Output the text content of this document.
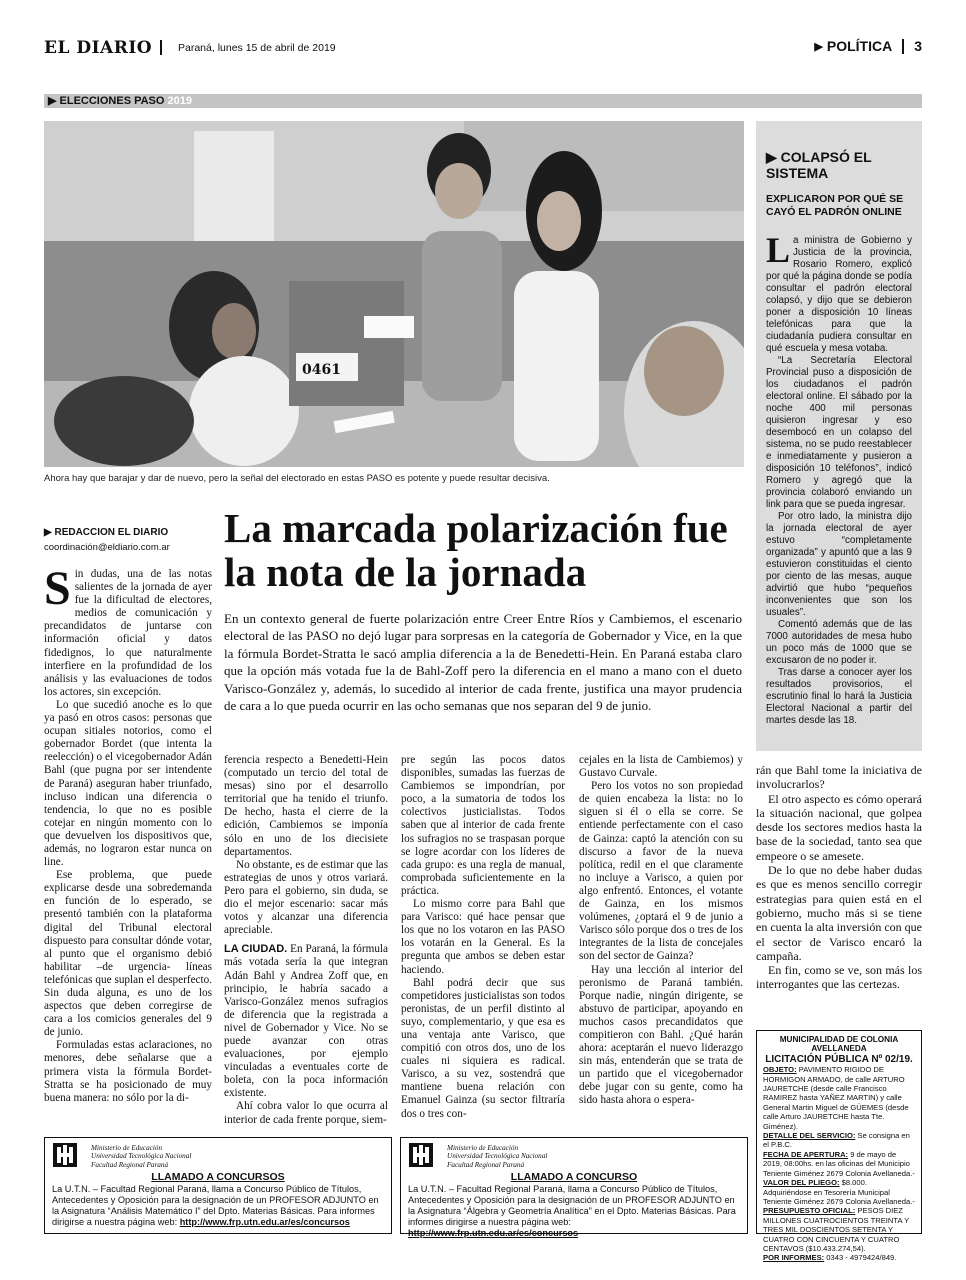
EL DIARIO Paraná, lunes 15 de abril de 2019	▶ POLÍTICA 3
▶ ELECCIONES PASO 2019
0461
Ahora hay que barajar y dar de nuevo, pero la señal del electorado en estas PASO es potente y puede resultar decisiva.
▶ COLAPSÓ EL SISTEMA
EXPLICARON POR QUÉ SE CAYÓ EL PADRÓN ONLINE

La ministra de Gobierno y Justicia de la provincia, Rosario Romero, explicó por qué la página donde se podía consultar el padrón electoral colapsó, y dijo que se debieron poner a disposición 10 líneas telefónicas para que la ciudadanía pudiera consultar en qué escuela y mesa votaba.

“La Secretaría Electoral Provincial puso a disposición de los ciudadanos el padrón electoral online. El sábado por la noche 400 mil personas quisieron ingresar y eso desembocó en un colapso del sistema, no se pudo reestablecer e inmediatamente y pusieron a disposición 10 teléfonos”, indicó Romero y agregó que la provincia colaboró enviando un link para que se pueda ingresar.

Por otro lado, la ministra dijo la jornada electoral de ayer estuvo “completamente organizada” y apuntó que a las 9 estuvieron constituidas el ciento por ciento de las mesas, auque advirtió que hubo “pequeños inconvenientes que son los usuales”.

Comentó además que de las 7000 autoridades de mesa hubo un poco más de 1000 que se excusaron de no poder ir.

Tras darse a conocer ayer los resultados provisorios, el escrutinio final lo hará la Justicia Electoral Nacional a partir del martes desde las 18.

▶ REDACCION EL DIARIO
coordinación@eldiario.com.ar	La marcada polarización fue la nota de la jornada
En un contexto general de fuerte polarización entre Creer Entre Ríos y Cambiemos, el escenario electoral de las PASO no dejó lugar para sorpresas en la categoría de Gobernador y Vice, en la que la fórmula Bordet-Stratta le sacó amplia diferencia a la de Benedetti-Hein. En Paraná estaba claro que la opción más votada fue la de Bahl-Zoff pero la diferencia en el mano a mano con el dueto Varisco-González y, además, lo sucedido al interior de cada frente, justifica una mayor prudencia de cara a lo que pueda ocurrir en las ocho semanas que nos separan del 9 de junio.

Sin dudas, una de las notas salientes de la jornada de ayer fue la dificultad de electores, medios de comunicación y precandidatos de juntarse con información oficial y datos fidedignos, lo que naturalmente interfiere en la profundidad de los análisis y las evaluaciones de todos los actores, sin excepción.

Lo que sucedió anoche es lo que ya pasó en otros casos: personas que ocupan sitiales notorios, como el gobernador Bordet (que intenta la reelección) o el vicegobernador Adán Bahl (que pugna por ser intendente de Paraná) aseguran haber triunfado, incluso indican una diferencia o tendencia, lo que no es posible cotejar en ningún momento con lo que devuelven los dispositivos que, además, no lograron estar nunca on line.

Ese problema, que puede explicarse desde una sobredemanda en función de lo esperado, se presentó también con la plataforma digital del Tribunal electoral dispuesto para consultar dónde votar, al punto que el organismo debió habilitar –de urgencia- líneas telefónicas que suplan el desperfecto. Sin duda alguna, es uno de los aspectos que deben corregirse de cara a los comicios generales del 9 de junio.

Formuladas estas aclaraciones, no menores, debe señalarse que a primera vista la fórmula Bordet-Stratta se ha posicionado de muy buena manera: no sólo por la di-

ferencia respecto a Benedetti-Hein (computado un tercio del total de mesas) sino por el desarrollo territorial que ha tenido el triunfo. De hecho, hasta el cierre de la edición, Cambiemos se imponía sólo en uno de los diecisiete departamentos.

No obstante, es de estimar que las estrategias de unos y otros variará. Pero para el gobierno, sin duda, se dio el mejor escenario: sacar más votos y alcanzar una diferencia apreciable.

LA CIUDAD. En Paraná, la fórmula más votada sería la que integran Adán Bahl y Andrea Zoff que, en principio, le habría sacado a Varisco-González menos sufragios de diferencia que la registrada a nivel de Gobernador y Vice. No se puede avanzar con otras evaluaciones, por ejemplo vinculadas a eventuales corte de boleta, con la poca información existente.

Ahí cobra valor lo que ocurra al interior de cada frente porque, siem-

pre según las pocos datos disponibles, sumadas las fuerzas de Cambiemos se impondrían, por poco, a la sumatoria de todos los colectivos justicialistas. Todos saben que al interior de cada frente los sufragios no se traspasan porque se logre acordar con los líderes de cada grupo: es una regla de manual, comprobada suficientemente en la práctica.

Lo mismo corre para Bahl que para Varisco: qué hace pensar que los que no los votaron en las PASO los votarán en la General. Es la pregunta que ambos se deben estar haciendo.

Bahl podrá decir que sus competidores justicialistas son todos peronistas, de un perfil distinto al suyo, complementario, y que esa es una ventaja ante Varisco, que compitió con otros dos, uno de los cuales ni siquiera es radical. Varisco, a su vez, sostendrá que mantiene buena relación con Emanuel Gainza (su sector filtraría dos o tres con-

cejales en la lista de Cambiemos) y Gustavo Curvale.

Pero los votos no son propiedad de quien encabeza la lista: no lo siguen si él o ella se corre. Se entiende perfectamente con el caso de Gainza: captó la atención con su discurso a favor de la nueva política, redil en el que claramente no incluye a Varisco, a quien por algo enfrentó. Entonces, el votante de Gainza, en los mismos volúmenes, ¿optará el 9 de junio a Varisco sólo porque dos o tres de los integrantes de la lista de concejales son del sector de Gainza?

Hay una lección al interior del peronismo de Paraná también. Porque nadie, ningún dirigente, se abstuvo de participar, apoyando en muchos casos precandidatos que compitieron con Bahl. ¿Qué harán ahora: aceptarán el nuevo liderazgo sin más, entenderán que se trata de un partido que el vicegobernador debe jugar con su gente, como ha sido hasta ahora o espera-

rán que Bahl tome la iniciativa de involucrarlos?

El otro aspecto es cómo operará la situación nacional, que golpea desde los sectores medios hasta la base de la sociedad, tanto sea que empeore o se amesete.

De lo que no debe haber dudas es que es menos sencillo corregir estrategias para quien está en el gobierno, mucho más si se tiene en cuenta la alta inversión con que el sector de Varisco encaró la campaña.

En fin, como se ve, son más los interrogantes que las certezas.

MUNICIPALIDAD DE COLONIA AVELLANEDA
LICITACIÓN PÚBLICA Nº 02/19.
OBJETO: PAVIMENTO RIGIDO DE HORMIGON ARMADO, de calle ARTURO JAURETCHE (desde calle Francisco RAMIREZ hasta YAÑEZ MARTIN) y calle General Martin Miguel de GÜEMES (desde calle Arturo JAURETCHE hasta Tte. Giménez).
DETALLE DEL SERVICIO: Se consigna en el P.B.C.
FECHA DE APERTURA: 9 de mayo de 2019, 08:00hs. en las oficinas del Municipio Teniente Giménez 2679 Colonia Avellaneda.-
VALOR DEL PLIEGO: $8.000. Adquiriéndose en Tesorería Municipal Teniente Giménez 2679 Colonia Avellaneda.-
PRESUPUESTO OFICIAL: PESOS DIEZ MILLONES CUATROCIENTOS TREINTA Y TRES MIL DOSCIENTOS SETENTA Y CUATRO CON CINCUENTA Y CUATRO CENTAVOS ($10.433.274,54).
POR INFORMES: 0343 - 4979424/849.
Ministerio de Educación
Universidad Tecnológica Nacional
Facultad Regional Paraná
LLAMADO A CONCURSOS
La U.T.N. – Facultad Regional Paraná, llama a Concurso Público de Títulos, Antecedentes y Oposición para la designación de un PROFESOR ADJUNTO en la Asignatura “Análisis Matemático I” del Dpto. Materias Básicas. Para informes dirigirse a nuestra página web: http://www.frp.utn.edu.ar/es/concursos
Ministerio de Educación
Universidad Tecnológica Nacional
Facultad Regional Paraná
LLAMADO A CONCURSO
La U.T.N. – Facultad Regional Paraná, llama a Concurso Público de Títulos, Antecedentes y Oposición para la designación de un PROFESOR ADJUNTO en la Asignatura “Álgebra y Geometría Analítica” en el Dpto. Materias Básicas. Para informes dirigirse a nuestra página web: http://www.frp.utn.edu.ar/es/concursos
